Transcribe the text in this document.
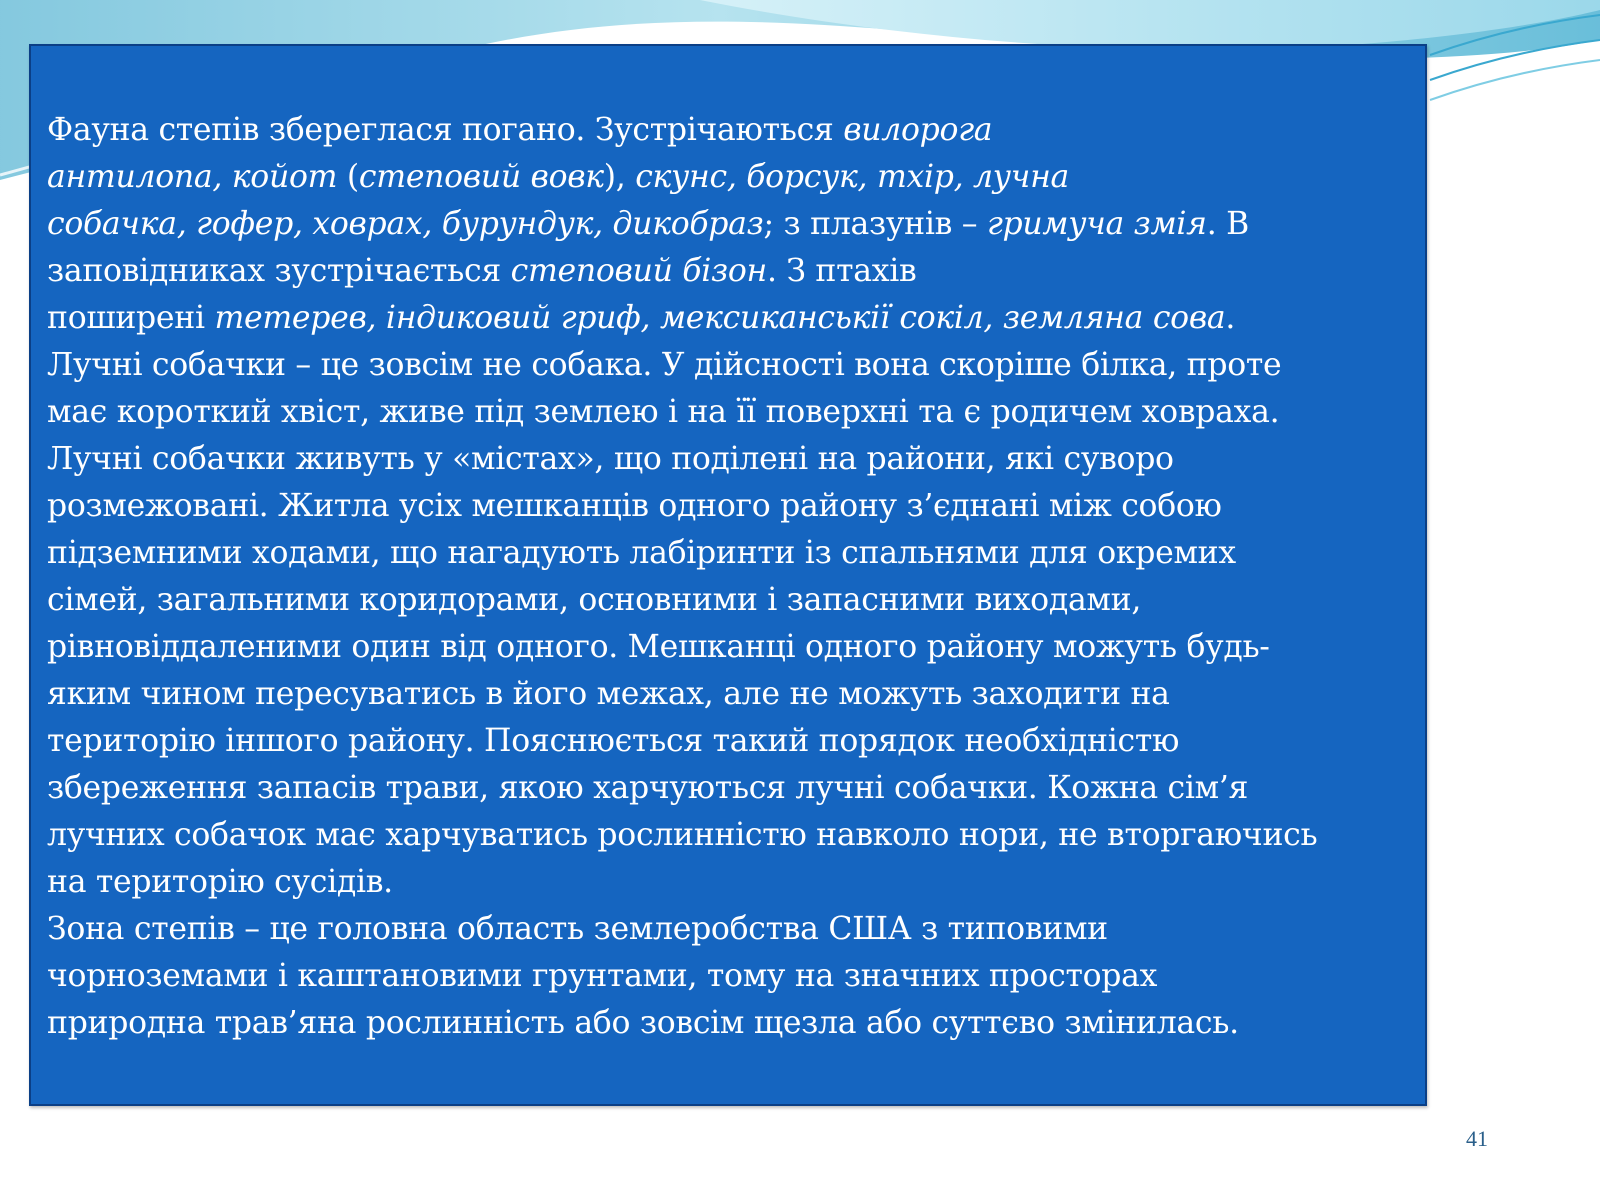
Фауна степів збереглася погано. Зустрічаються вилорога
антилопа, койот (степовий вовк), скунс, борсук, тхір, лучна
собачка, гофер, ховрах, бурундук, дикобраз; з плазунів – гримуча змія. В
заповідниках зустрічається степовий бізон. З птахів
поширені тетерев, індиковий гриф, мексиканськії сокіл, земляна сова.
Лучні собачки – це зовсім не собака. У дійсності вона скоріше білка, проте
має короткий хвіст, живе під землею і на її поверхні та є родичем ховраха.
Лучні собачки живуть у «містах», що поділені на райони, які суворо
розмежовані. Житла усіх мешканців одного району з’єднані між собою
підземними ходами, що нагадують лабіринти із спальнями для окремих
сімей, загальними коридорами, основними і запасними виходами,
рівновіддаленими один від одного. Мешканці одного району можуть будь-
яким чином пересуватись в його межах, але не можуть заходити на
територію іншого району. Пояснюється такий порядок необхідністю
збереження запасів трави, якою харчуються лучні собачки. Кожна сім’я
лучних собачок має харчуватись рослинністю навколо нори, не вторгаючись
на територію сусідів.
Зона степів – це головна область землеробства США з типовими
чорноземами і каштановими грунтами, тому на значних просторах
природна трав’яна рослинність або зовсім щезла або суттєво змінилась.
41
